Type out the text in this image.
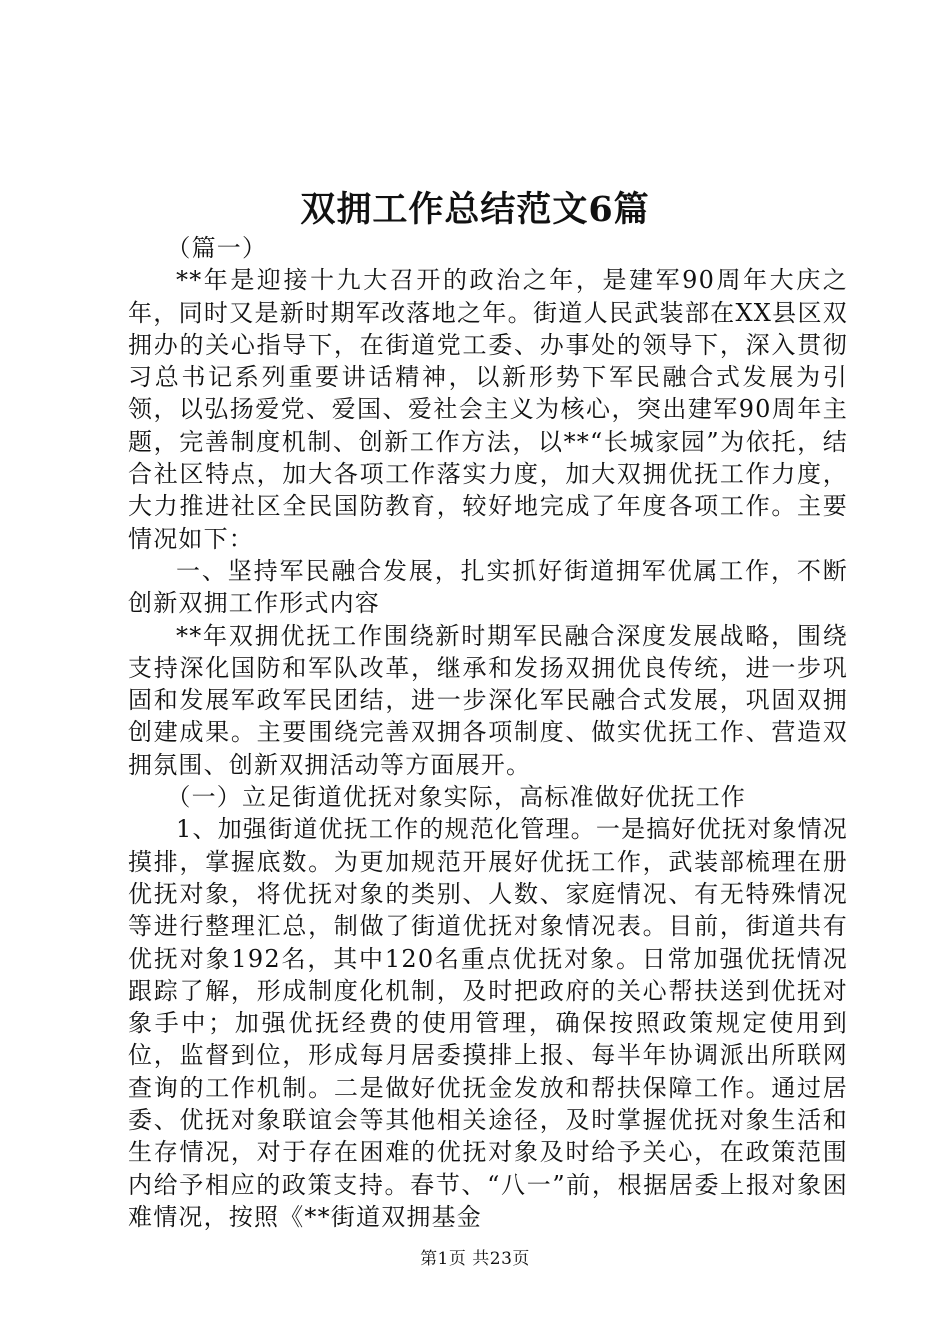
双拥工作总结范文6篇

（篇一）

**年是迎接十九大召开的政治之年，是建军90周年大庆之年，同时又是新时期军改落地之年。街道人民武装部在XX县区双拥办的关心指导下，在街道党工委、办事处的领导下，深入贯彻习总书记系列重要讲话精神，以新形势下军民融合式发展为引领，以弘扬爱党、爱国、爱社会主义为核心，突出建军90周年主题，完善制度机制、创新工作方法，以**“长城家园”为依托，结合社区特点，加大各项工作落实力度，加大双拥优抚工作力度，大力推进社区全民国防教育，较好地完成了年度各项工作。主要情况如下：

一、坚持军民融合发展，扎实抓好街道拥军优属工作，不断创新双拥工作形式内容

**年双拥优抚工作围绕新时期军民融合深度发展战略，围绕支持深化国防和军队改革，继承和发扬双拥优良传统，进一步巩固和发展军政军民团结，进一步深化军民融合式发展，巩固双拥创建成果。主要围绕完善双拥各项制度、做实优抚工作、营造双拥氛围、创新双拥活动等方面展开。

（一）立足街道优抚对象实际，高标准做好优抚工作

1、加强街道优抚工作的规范化管理。一是搞好优抚对象情况摸排，掌握底数。为更加规范开展好优抚工作，武装部梳理在册优抚对象，将优抚对象的类别、人数、家庭情况、有无特殊情况等进行整理汇总，制做了街道优抚对象情况表。目前，街道共有优抚对象192名，其中120名重点优抚对象。日常加强优抚情况跟踪了解，形成制度化机制，及时把政府的关心帮扶送到优抚对象手中；加强优抚经费的使用管理，确保按照政策规定使用到位，监督到位，形成每月居委摸排上报、每半年协调派出所联网查询的工作机制。二是做好优抚金发放和帮扶保障工作。通过居委、优抚对象联谊会等其他相关途径，及时掌握优抚对象生活和生存情况，对于存在困难的优抚对象及时给予关心，在政策范围内给予相应的政策支持。春节、“八一”前，根据居委上报对象困难情况，按照《**街道双拥基金

第1页 共23页
